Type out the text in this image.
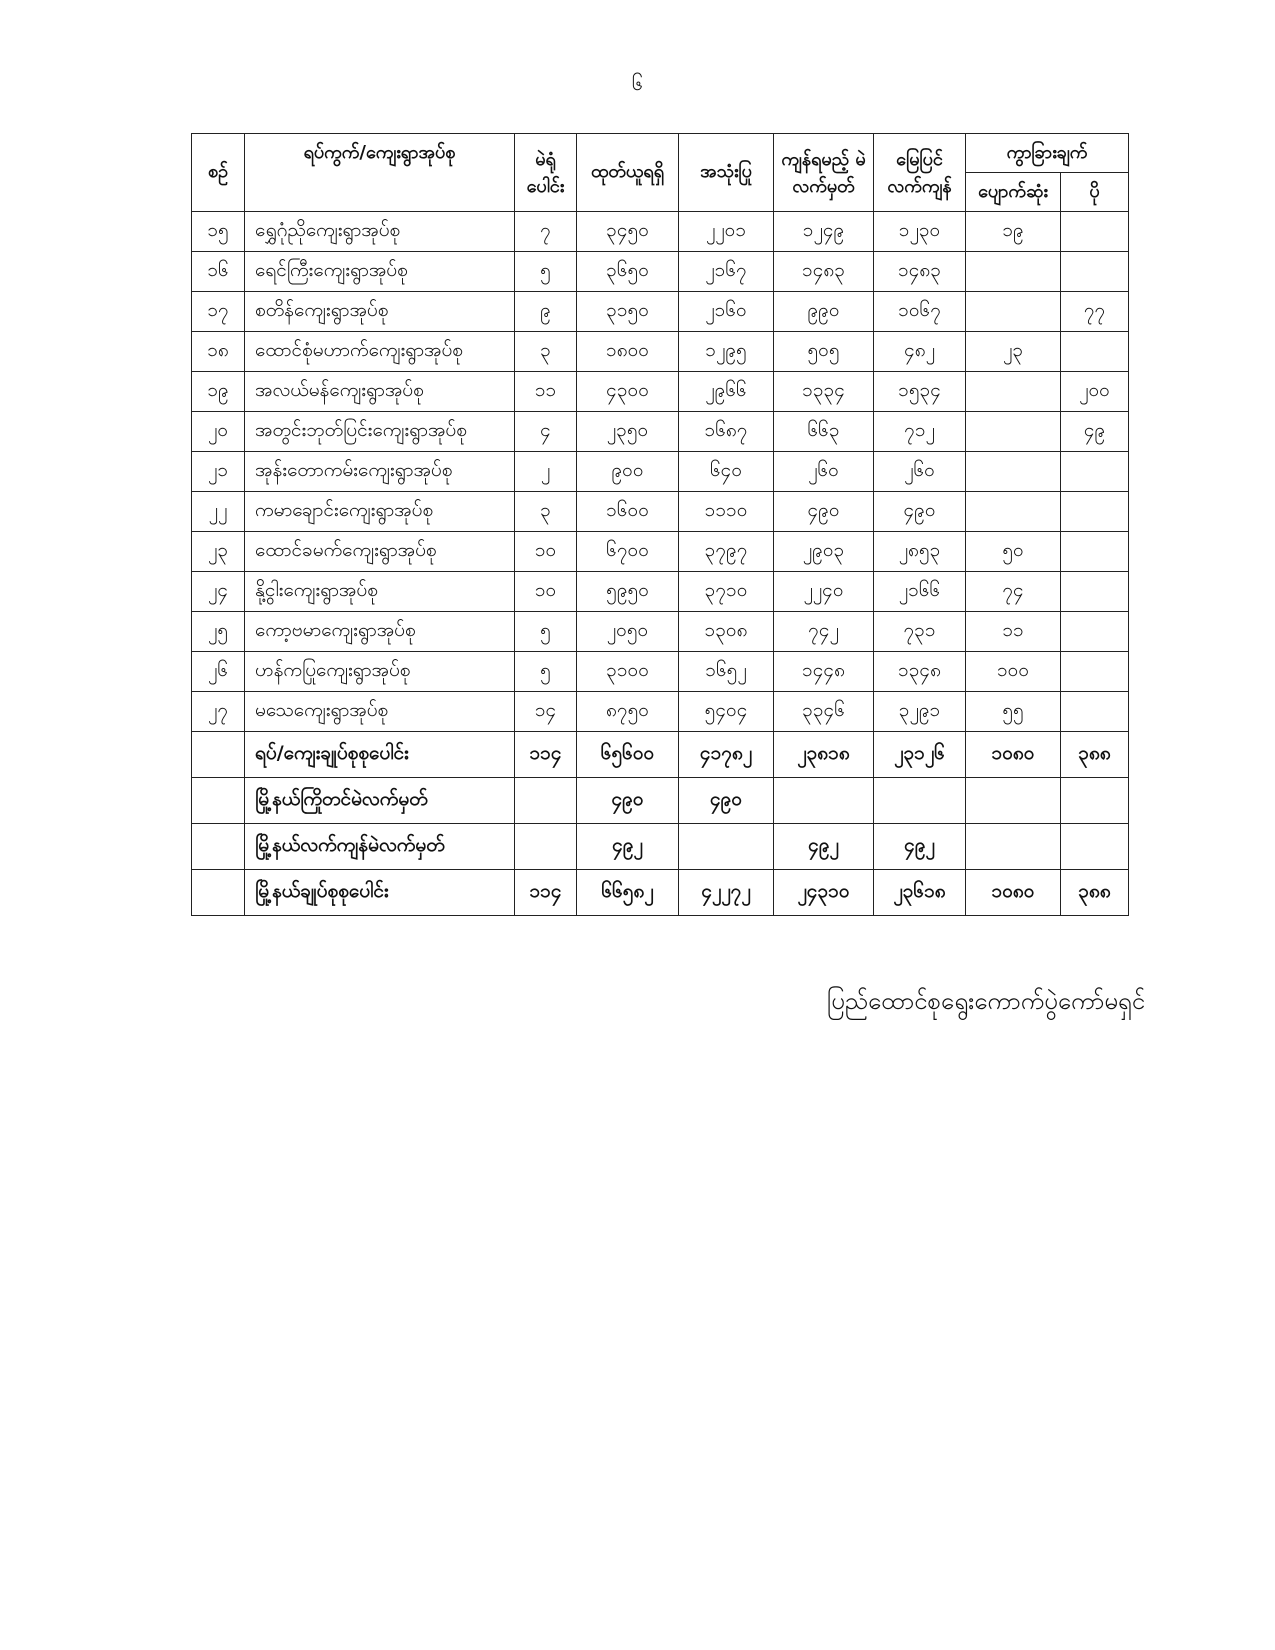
၆
စဉ်	ရပ်ကွက်/ကျေးရွာအုပ်စု	မဲရုံ ပေါင်း	ထုတ်ယူရရှိ	အသုံးပြု	ကျန်ရမည့် မဲလက်မှတ်	မြေပြင် လက်ကျန်	ကွာခြားချက်	
							ပျောက်ဆုံး	ပို
၁၅	ရွှေဂုံညိုကျေးရွာအုပ်စု	၇	၃၄၅၀	၂၂၀၁	၁၂၄၉	၁၂၃၀	၁၉	
၁၆	ရေင်ကြီးကျေးရွာအုပ်စု	၅	၃၆၅၀	၂၁၆၇	၁၄၈၃	၁၄၈၃		
၁၇	စတိန်ကျေးရွာအုပ်စု	၉	၃၁၅၀	၂၁၆၀	၉၉၀	၁၀၆၇		၇၇
၁၈	ထောင်စုံမဟာက်ကျေးရွာအုပ်စု	၃	၁၈၀၀	၁၂၉၅	၅၀၅	၄၈၂	၂၃	
၁၉	အလယ်မန်ကျေးရွာအုပ်စု	၁၁	၄၃၀၀	၂၉၆၆	၁၃၃၄	၁၅၃၄		၂၀၀
၂၀	အတွင်းဘုတ်ပြင်းကျေးရွာအုပ်စု	၄	၂၃၅၀	၁၆၈၇	၆၆၃	၇၁၂		၄၉
၂၁	အုန်းတောကမ်းကျေးရွာအုပ်စု	၂	၉၀၀	၆၄၀	၂၆၀	၂၆၀		
၂၂	ကမာချောင်းကျေးရွာအုပ်စု	၃	၁၆၀၀	၁၁၁၀	၄၉၀	၄၉၀		
၂၃	ထောင်ခမက်ကျေးရွာအုပ်စု	၁၀	၆၇၀၀	၃၇၉၇	၂၉၀၃	၂၈၅၃	၅၀	
၂၄	နို့ငွါးကျေးရွာအုပ်စု	၁၀	၅၉၅၀	၃၇၁၀	၂၂၄၀	၂၁၆၆	၇၄	
၂၅	ကော့ဗမာကျေးရွာအုပ်စု	၅	၂၀၅၀	၁၃၀၈	၇၄၂	၇၃၁	၁၁	
၂၆	ဟန်ကပြုကျေးရွာအုပ်စု	၅	၃၁၀၀	၁၆၅၂	၁၄၄၈	၁၃၄၈	၁၀၀	
၂၇	မသေကျေးရွာအုပ်စု	၁၄	၈၇၅၀	၅၄၀၄	၃၃၄၆	၃၂၉၁	၅၅	
	ရပ်/ကျေးချုပ်စုစုပေါင်း	၁၁၄	၆၅၆၀၀	၄၁၇၈၂	၂၃၈၁၈	၂၃၁၂၆	၁၀၈၀	၃၈၈
	မြို့နယ်ကြိုတင်မဲလက်မှတ်		၄၉၀	၄၉၀				
	မြို့နယ်လက်ကျန်မဲလက်မှတ်		၄၉၂		၄၉၂	၄၉၂		
	မြို့နယ်ချုပ်စုစုပေါင်း	၁၁၄	၆၆၅၈၂	၄၂၂၇၂	၂၄၃၁၀	၂၃၆၁၈	၁၀၈၀	၃၈၈
ပြည်ထောင်စုရွေးကောက်ပွဲကော်မရှင်
